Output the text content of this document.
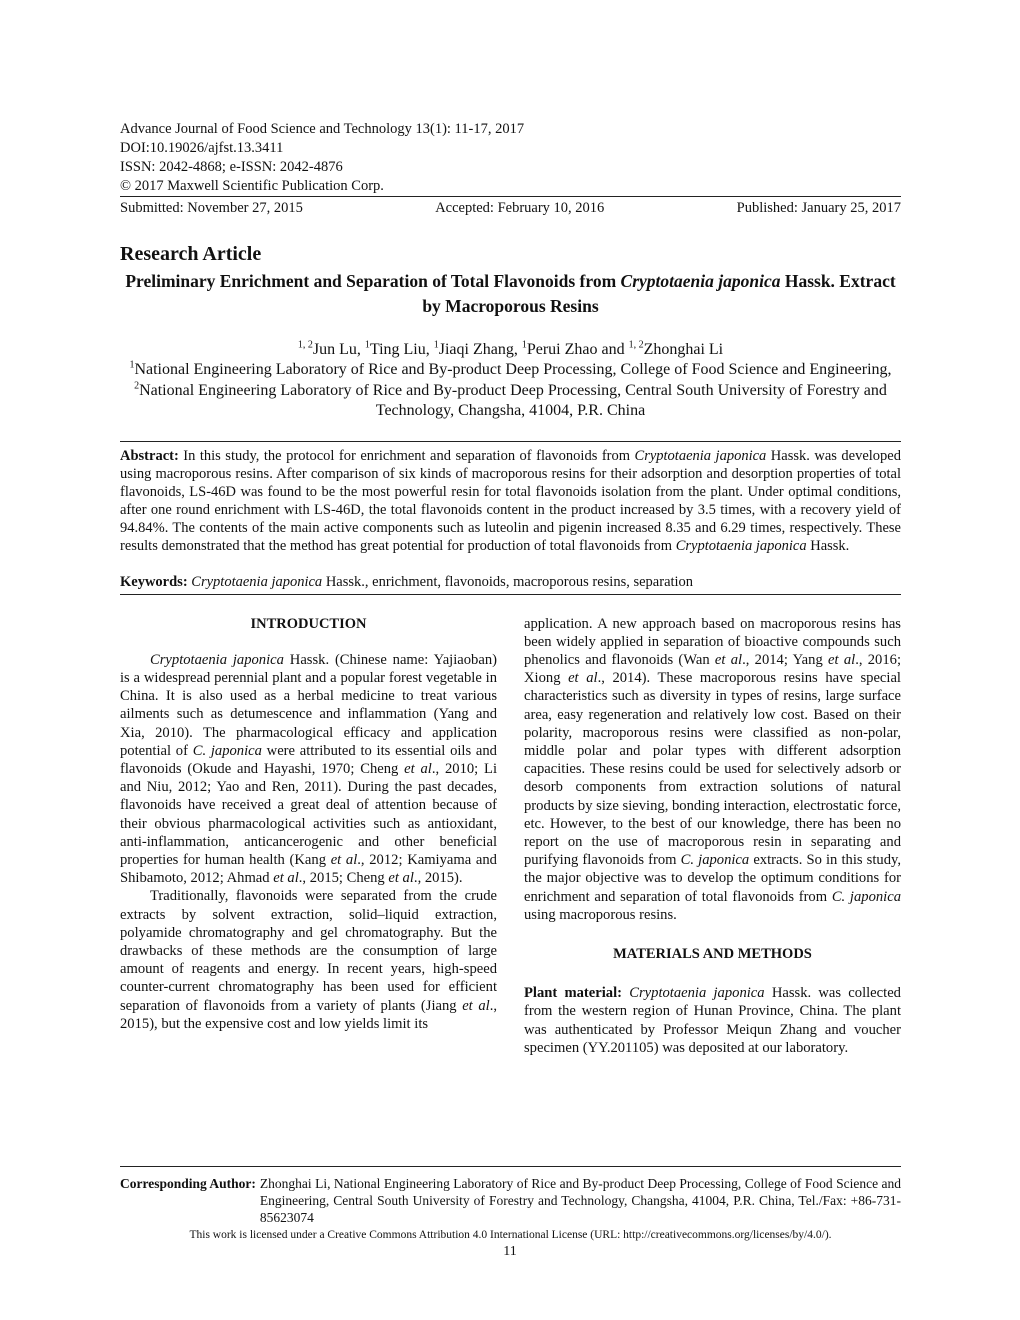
Advance Journal of Food Science and Technology 13(1): 11-17, 2017
DOI:10.19026/ajfst.13.3411
ISSN: 2042-4868; e-ISSN: 2042-4876
© 2017 Maxwell Scientific Publication Corp.
Submitted: November 27, 2015	Accepted: February 10, 2016	Published: January 25, 2017
Research Article
Preliminary Enrichment and Separation of Total Flavonoids from Cryptotaenia japonica Hassk. Extract by Macroporous Resins
$^{1, 2}$Jun Lu, $^1$Ting Liu, $^1$Jiaqi Zhang, $^1$Perui Zhao and $^{1, 2}$Zhonghai Li
$^1$National Engineering Laboratory of Rice and By-product Deep Processing, College of Food Science and Engineering,
$^2$National Engineering Laboratory of Rice and By-product Deep Processing, Central South University of Forestry and Technology, Changsha, 41004, P.R. China
Abstract: In this study, the protocol for enrichment and separation of flavonoids from Cryptotaenia japonica Hassk. was developed using macroporous resins. After comparison of six kinds of macroporous resins for their adsorption and desorption properties of total flavonoids, LS-46D was found to be the most powerful resin for total flavonoids isolation from the plant. Under optimal conditions, after one round enrichment with LS-46D, the total flavonoids content in the product increased by 3.5 times, with a recovery yield of 94.84%. The contents of the main active components such as luteolin and pigenin increased 8.35 and 6.29 times, respectively. These results demonstrated that the method has great potential for production of total flavonoids from Cryptotaenia japonica Hassk.
Keywords: Cryptotaenia japonica Hassk., enrichment, flavonoids, macroporous resins, separation

INTRODUCTION

Cryptotaenia japonica Hassk. (Chinese name: Yajiaoban) is a widespread perennial plant and a popular forest vegetable in China. It is also used as a herbal medicine to treat various ailments such as detumescence and inflammation (Yang and Xia, 2010). The pharmacological efficacy and application potential of C. japonica were attributed to its essential oils and flavonoids (Okude and Hayashi, 1970; Cheng et al., 2010; Li and Niu, 2012; Yao and Ren, 2011). During the past decades, flavonoids have received a great deal of attention because of their obvious pharmacological activities such as antioxidant, anti-inflammation, anticancerogenic and other beneficial properties for human health (Kang et al., 2012; Kamiyama and Shibamoto, 2012; Ahmad et al., 2015; Cheng et al., 2015).

Traditionally, flavonoids were separated from the crude extracts by solvent extraction, solid–liquid extraction, polyamide chromatography and gel chromatography. But the drawbacks of these methods are the consumption of large amount of reagents and energy. In recent years, high-speed counter-current chromatography has been used for efficient separation of flavonoids from a variety of plants (Jiang et al., 2015), but the expensive cost and low yields limit its

application. A new approach based on macroporous resins has been widely applied in separation of bioactive compounds such phenolics and flavonoids (Wan et al., 2014; Yang et al., 2016; Xiong et al., 2014). These macroporous resins have special characteristics such as diversity in types of resins, large surface area, easy regeneration and relatively low cost. Based on their polarity, macroporous resins were classified as non-polar, middle polar and polar types with different adsorption capacities. These resins could be used for selectively adsorb or desorb components from extraction solutions of natural products by size sieving, bonding interaction, electrostatic force, etc. However, to the best of our knowledge, there has been no report on the use of macroporous resin in separating and purifying flavonoids from C. japonica extracts. So in this study, the major objective was to develop the optimum conditions for enrichment and separation of total flavonoids from C. japonica using macroporous resins.

MATERIALS AND METHODS

Plant material: Cryptotaenia japonica Hassk. was collected from the western region of Hunan Province, China. The plant was authenticated by Professor Meiqun Zhang and voucher specimen (YY.201105) was deposited at our laboratory.

Corresponding Author: Zhonghai Li, National Engineering Laboratory of Rice and By-product Deep Processing, College of Food Science and Engineering, Central South University of Forestry and Technology, Changsha, 41004, P.R. China, Tel./Fax: +86-731-85623074
This work is licensed under a Creative Commons Attribution 4.0 International License (URL: http://creativecommons.org/licenses/by/4.0/).
11
